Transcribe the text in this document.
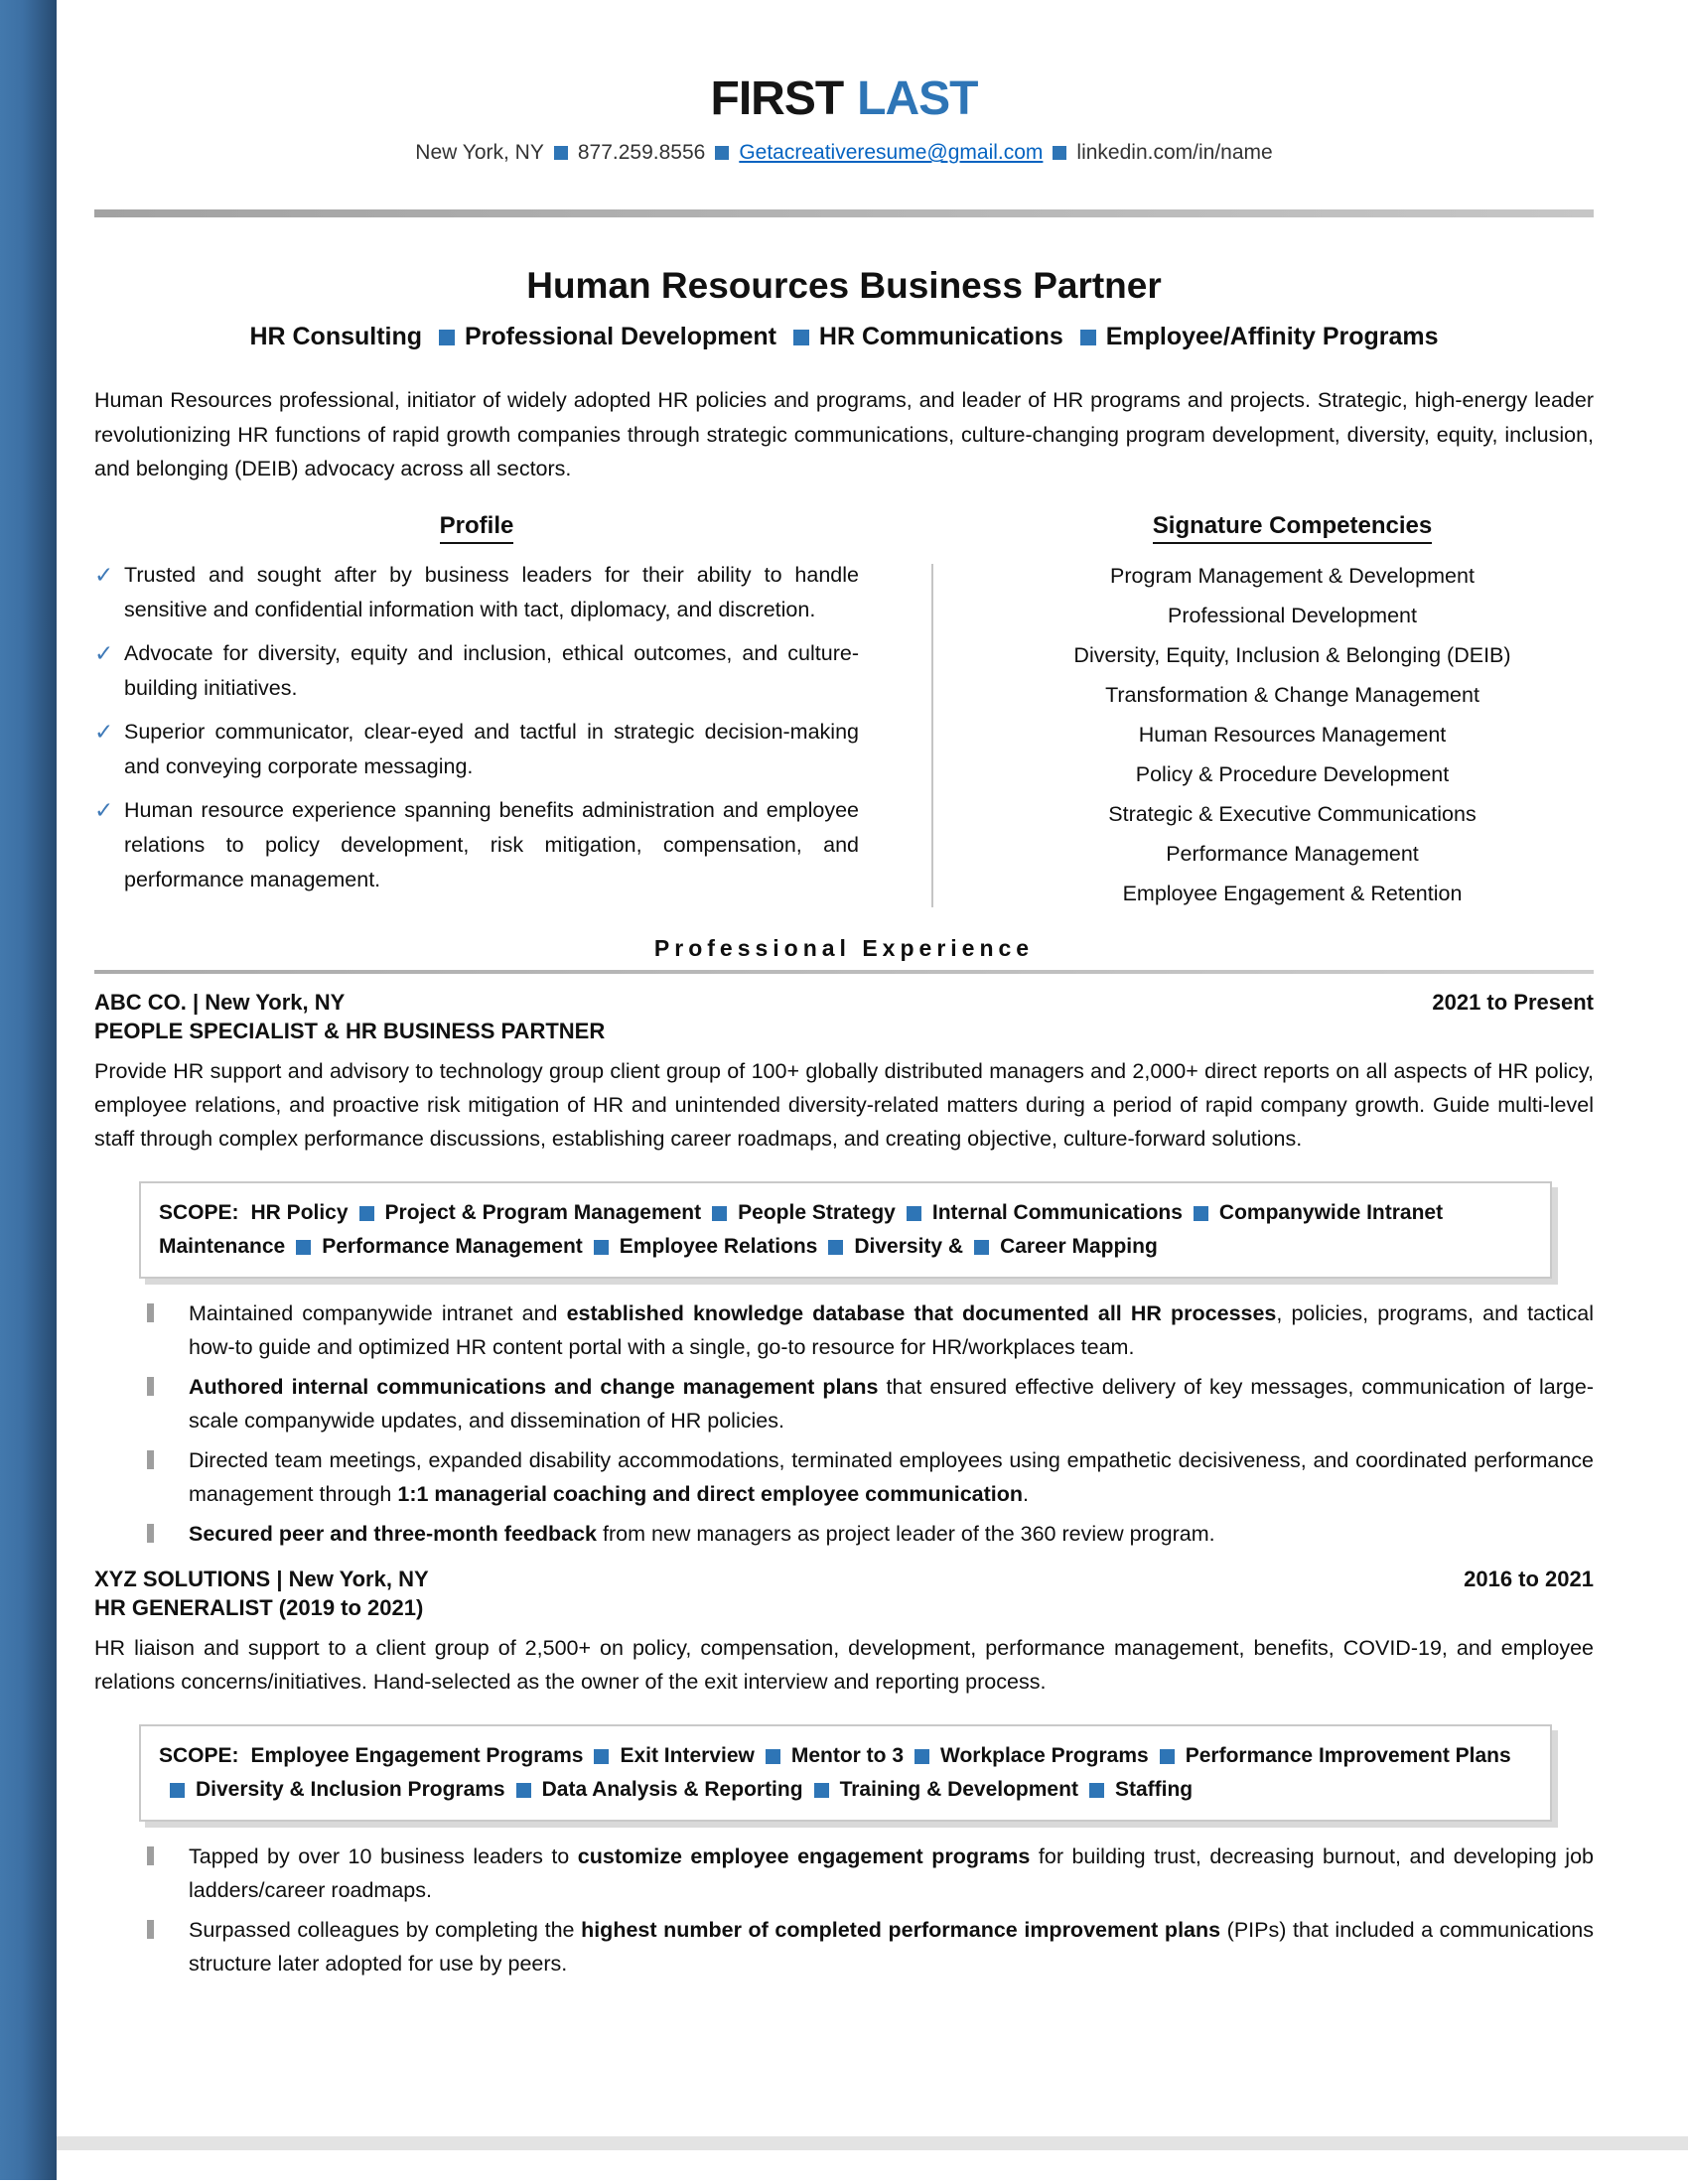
FIRST LAST
New York, NY 877.259.8556 Getacreativeresume@gmail.com linkedin.com/in/name
Human Resources Business Partner
HR Consulting Professional Development HR Communications Employee/Affinity Programs

Human Resources professional, initiator of widely adopted HR policies and programs, and leader of HR programs and projects. Strategic, high-energy leader revolutionizing HR functions of rapid growth companies through strategic communications, culture-changing program development, diversity, equity, inclusion, and belonging (DEIB) advocacy across all sectors.

Profile
✓ Trusted and sought after by business leaders for their ability to handle sensitive and confidential information with tact, diplomacy, and discretion.
✓ Advocate for diversity, equity and inclusion, ethical outcomes, and culture-building initiatives.
✓ Superior communicator, clear-eyed and tactful in strategic decision-making and conveying corporate messaging.
✓ Human resource experience spanning benefits administration and employee relations to policy development, risk mitigation, compensation, and performance management.
Signature Competencies
Program Management & Development
Professional Development
Diversity, Equity, Inclusion & Belonging (DEIB)
Transformation & Change Management
Human Resources Management
Policy & Procedure Development
Strategic & Executive Communications
Performance Management
Employee Engagement & Retention
Professional Experience
ABC CO. | New York, NY	2021 to Present
PEOPLE SPECIALIST & HR BUSINESS PARTNER

Provide HR support and advisory to technology group client group of 100+ globally distributed managers and 2,000+ direct reports on all aspects of HR policy, employee relations, and proactive risk mitigation of HR and unintended diversity-related matters during a period of rapid company growth. Guide multi-level staff through complex performance discussions, establishing career roadmaps, and creating objective, culture-forward solutions.

SCOPE: HR Policy Project & Program Management People Strategy Internal Communications Companywide Intranet Maintenance Performance Management Employee Relations Diversity & Career Mapping

Maintained companywide intranet and established knowledge database that documented all HR processes, policies, programs, and tactical how-to guide and optimized HR content portal with a single, go-to resource for HR/workplaces team.
Authored internal communications and change management plans that ensured effective delivery of key messages, communication of large-scale companywide updates, and dissemination of HR policies.
Directed team meetings, expanded disability accommodations, terminated employees using empathetic decisiveness, and coordinated performance management through 1:1 managerial coaching and direct employee communication.
Secured peer and three-month feedback from new managers as project leader of the 360 review program.
XYZ SOLUTIONS | New York, NY	2016 to 2021
HR GENERALIST (2019 to 2021)

HR liaison and support to a client group of 2,500+ on policy, compensation, development, performance management, benefits, COVID-19, and employee relations concerns/initiatives. Hand-selected as the owner of the exit interview and reporting process.

SCOPE: Employee Engagement Programs Exit Interview Mentor to 3 Workplace Programs Performance Improvement PlansDiversity & Inclusion Programs Data Analysis & Reporting Training & Development Staffing

Tapped by over 10 business leaders to customize employee engagement programs for building trust, decreasing burnout, and developing job ladders/career roadmaps.
Surpassed colleagues by completing the highest number of completed performance improvement plans (PIPs) that included a communications structure later adopted for use by peers.
